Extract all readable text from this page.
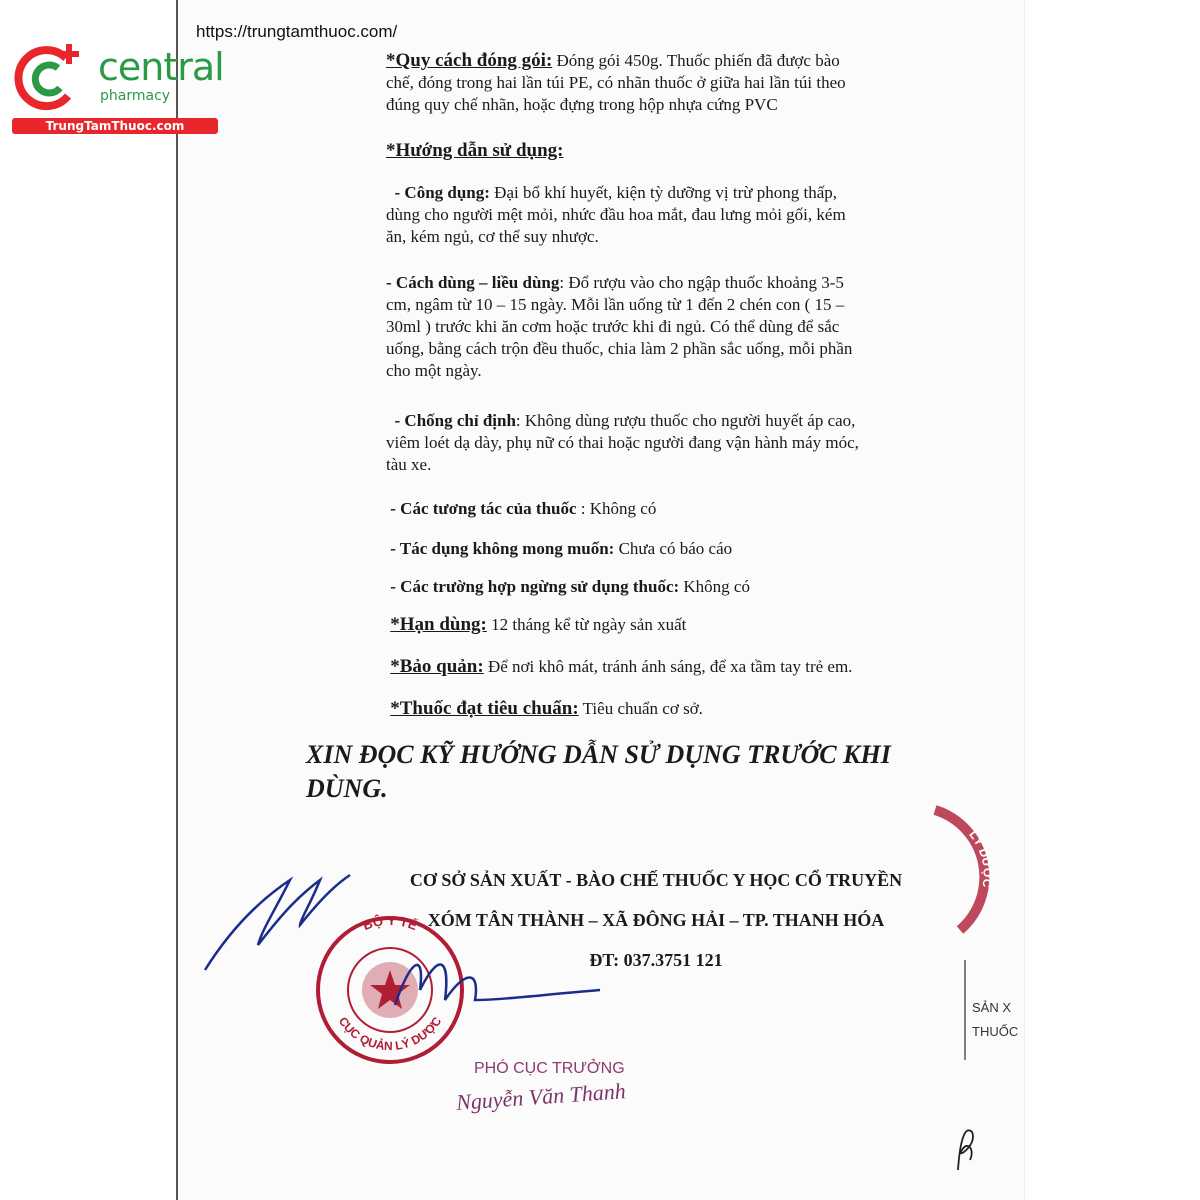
central
pharmacy
TrungTamThuoc.com
https://trungtamthuoc.com/
*Quy cách đóng gói: Đóng gói 450g. Thuốc phiến đã được bào
chế, đóng trong hai lần túi PE, có nhãn thuốc ở giữa hai lần túi theo
đúng quy chế nhãn, hoặc đựng trong hộp nhựa cứng PVC
*Hướng dẫn sử dụng:
- Công dụng: Đại bổ khí huyết, kiện tỳ dưỡng vị trừ phong thấp,
dùng cho người mệt mỏi, nhức đầu hoa mắt, đau lưng mỏi gối, kém
ăn, kém ngủ, cơ thể suy nhược.
- Cách dùng – liều dùng: Đổ rượu vào cho ngập thuốc khoảng 3-5
cm, ngâm từ 10 – 15 ngày. Mỗi lần uống từ 1 đến 2 chén con ( 15 –
30ml ) trước khi ăn cơm hoặc trước khi đi ngủ. Có thể dùng để sắc
uống, bằng cách trộn đều thuốc, chia làm 2 phần sắc uống, mỗi phần
cho một ngày.
- Chống chỉ định: Không dùng rượu thuốc cho người huyết áp cao,
viêm loét dạ dày, phụ nữ có thai hoặc người đang vận hành máy móc,
tàu xe.
- Các tương tác của thuốc : Không có
- Tác dụng không mong muốn: Chưa có báo cáo
- Các trường hợp ngừng sử dụng thuốc: Không có
*Hạn dùng: 12 tháng kể từ ngày sản xuất
*Bảo quản: Để nơi khô mát, tránh ánh sáng, để xa tầm tay trẻ em.
*Thuốc đạt tiêu chuẩn: Tiêu chuẩn cơ sở.
XIN ĐỌC KỸ HƯỚNG DẪN SỬ DỤNG TRƯỚC KHI DÙNG.
CƠ SỞ SẢN XUẤT - BÀO CHẾ THUỐC Y HỌC CỔ TRUYỀN
XÓM TÂN THÀNH – XÃ ĐÔNG HẢI – TP. THANH HÓA
ĐT: 037.3751 121
BỘ Y TẾ
CỤC QUẢN LÝ DƯỢC
LÝ DƯỢC
PHÓ CỤC TRƯỞNG
Nguyễn Văn Thanh
SẢN X
THUỐC
